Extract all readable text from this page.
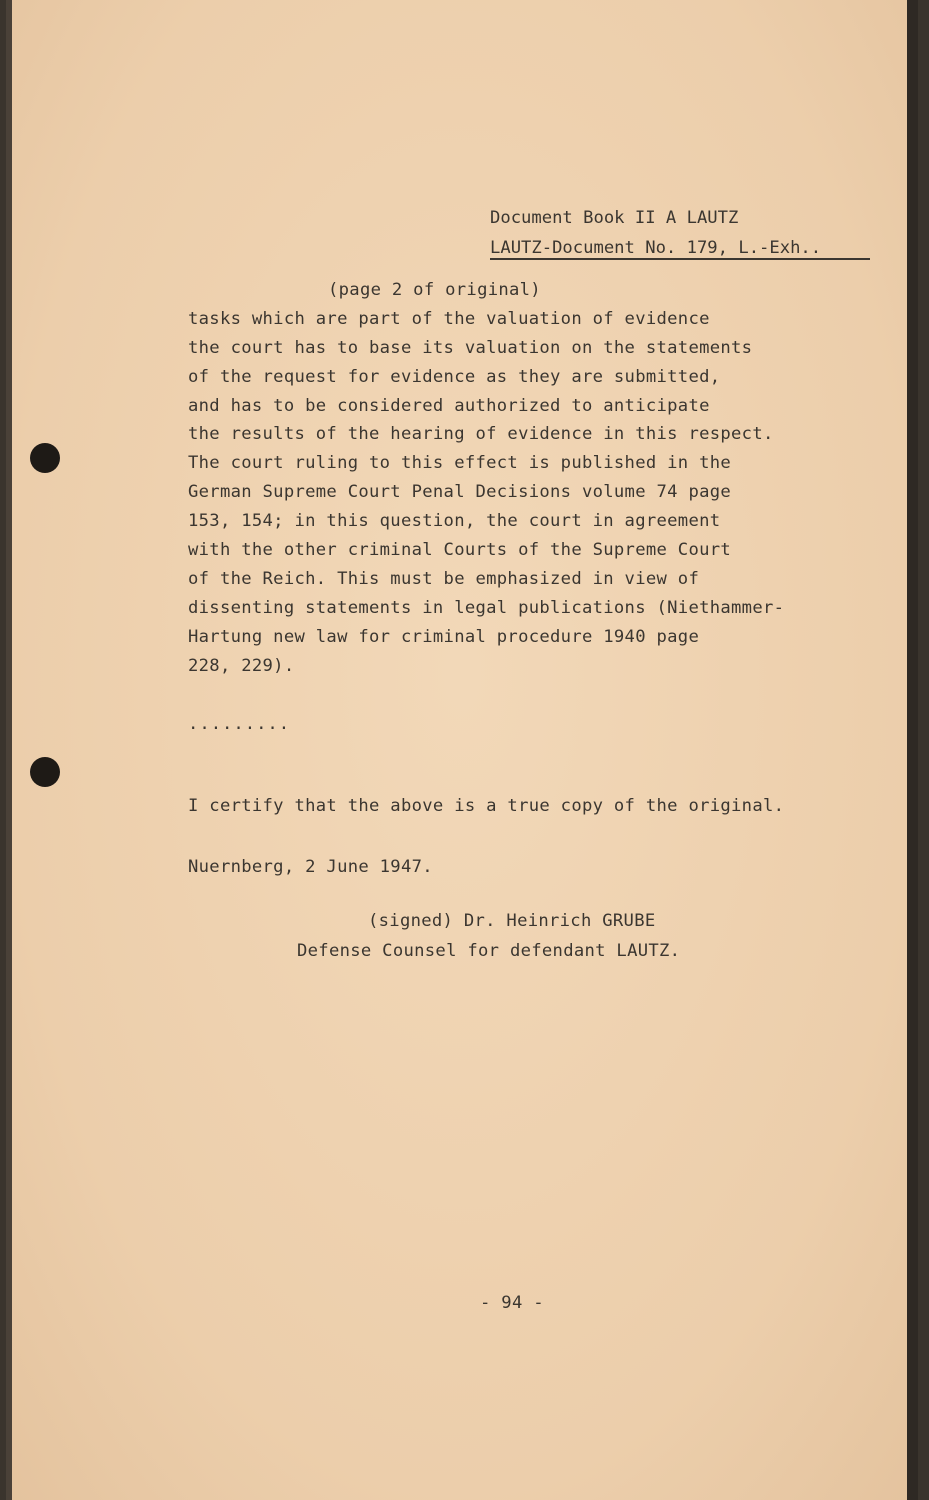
Document Book II A LAUTZ
LAUTZ-Document No. 179, L.-Exh..
(page 2 of original)
tasks which are part of the valuation of evidence
the court has to base its valuation on the statements
of the request for evidence as they are submitted,
and has to be considered authorized to anticipate
the results of the hearing of evidence in this respect.
The court ruling to this effect is published in the
German Supreme Court Penal Decisions volume 74 page
153, 154; in this question, the court in agreement
with the other criminal Courts of the Supreme Court
of the Reich. This must be emphasized in view of
dissenting statements in legal publications (Niethammer-
Hartung new law for criminal procedure 1940 page
228, 229).
.........
I certify that the above is a true copy of the original.
Nuernberg, 2 June 1947.
(signed) Dr. Heinrich GRUBE
Defense Counsel for defendant LAUTZ.
- 94 -
